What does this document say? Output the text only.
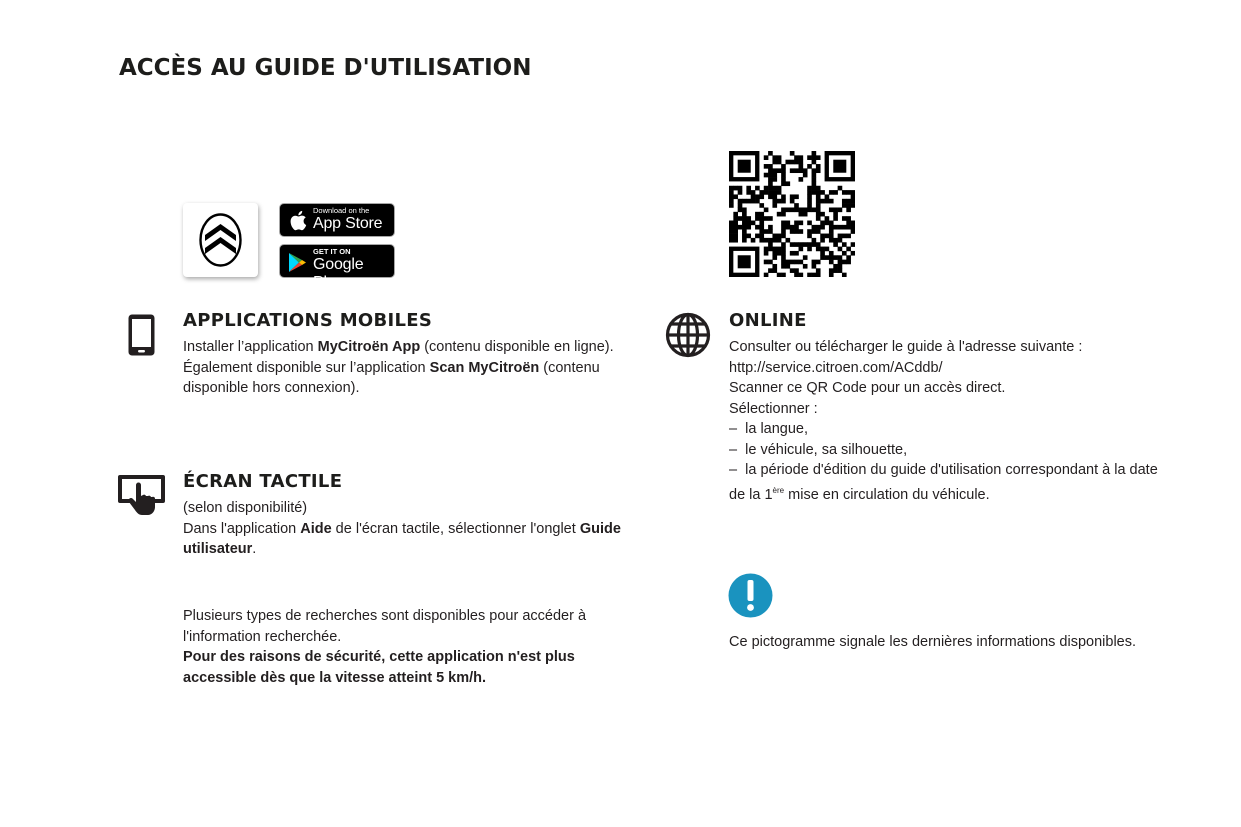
ACCÈS AU GUIDE D'UTILISATION
Download on the
App Store
GET IT ON
Google Play
APPLICATIONS MOBILES

Installer l’application MyCitroën App (contenu disponible en ligne).
Également disponible sur l’application Scan MyCitroën (contenu disponible hors connexion).

ÉCRAN TACTILE

(selon disponibilité)
Dans l'application Aide de l'écran tactile, sélectionner l'onglet Guide utilisateur.

Plusieurs types de recherches sont disponibles pour accéder à l'information recherchée.

Pour des raisons de sécurité, cette application n'est plus accessible dès que la vitesse atteint 5 km/h.

ONLINE

Consulter ou télécharger le guide à l'adresse suivante :
http://service.citroen.com/ACddb/
Scanner ce QR Code pour un accès direct.
Sélectionner :

–  la langue,
–  le véhicule, sa silhouette,
–  la période d'édition du guide d'utilisation correspondant à la date de la 1ère mise en circulation du véhicule.

Ce pictogramme signale les dernières informations disponibles.
